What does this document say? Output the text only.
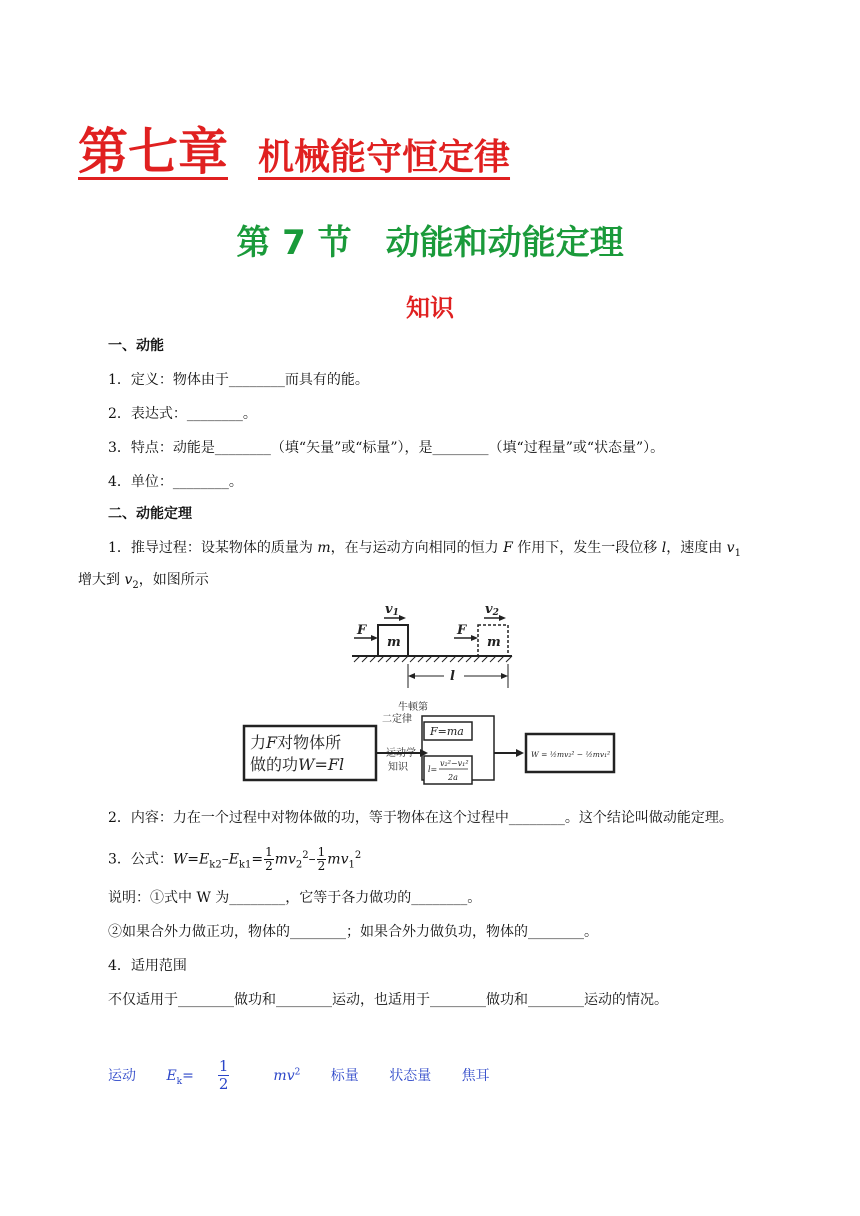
第七章 机械能守恒定律
第 7 节 动能和动能定理
知识
一、动能
1．定义：物体由于________而具有的能。
2．表达式：________。
3．特点：动能是________（填“矢量”或“标量”），是________（填“过程量”或“状态量”）。
4．单位：________。
二、动能定理
1．推导过程：设某物体的质量为 m，在与运动方向相同的恒力 F 作用下，发生一段位移 l，速度由 $v_1$
增大到 $v_2$，如图所示
F	F
m	m
v1	v2
l
力F对物体所 做的功W=Fl
牛顿第二定律
运动学知识
F=ma
l=v₂²−v₁² 2a
W = ½mv₂² − ½mv₁²
2．内容：力在一个过程中对物体做的功，等于物体在这个过程中________。这个结论叫做动能定理。
3．公式：$W=E_{k2}-E_{k1}= \frac{1}{2} mv_2^2- \frac{1}{2} mv_1^2$
说明：①式中 W 为________，它等于各力做功的________。
②如果合外力做正功，物体的________；如果合外力做负功，物体的________。
4．适用范围
不仅适用于________做功和________运动，也适用于________做功和________运动的情况。
运动 $E_k= \frac{1}{2} mv^2$ 标量 状态量 焦耳
